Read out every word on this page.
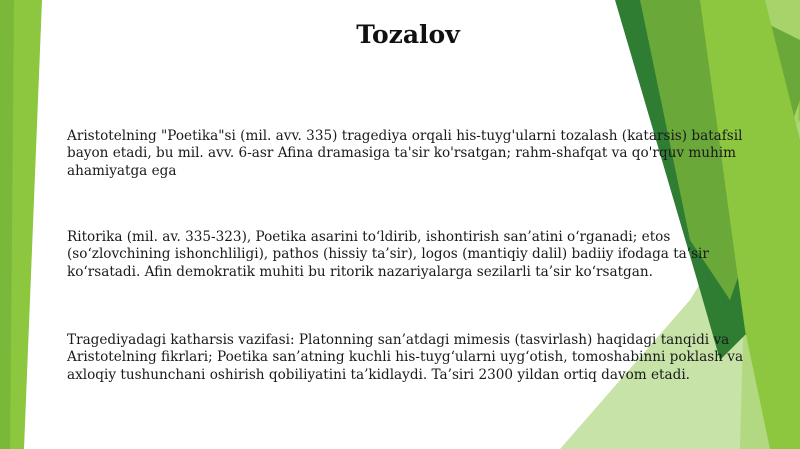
Tozalov

Aristotelning "Poetika"si (mil. avv. 335) tragediya orqali his-tuyg'ularni tozalash (katarsis) batafsil bayon etadi, bu mil. avv. 6-asr Afina dramasiga ta'sir ko'rsatgan; rahm-shafqat va qo'rquv muhim ahamiyatga ega

Ritorika (mil. av. 335-323), Poetika asarini to‘ldirib, ishontirish san’atini o‘rganadi; etos (so‘zlovchining ishonchliligi), pathos (hissiy ta’sir), logos (mantiqiy dalil) badiiy ifodaga ta’sir ko‘rsatadi. Afin demokratik muhiti bu ritorik nazariyalarga sezilarli ta’sir ko‘rsatgan.

Tragediyadagi katharsis vazifasi: Platonning san’atdagi mimesis (tasvirlash) haqidagi tanqidi va Aristotelning fikrlari; Poetika san’atning kuchli his-tuyg‘ularni uyg‘otish, tomoshabinni poklash va axloqiy tushunchani oshirish qobiliyatini ta’kidlaydi. Ta’siri 2300 yildan ortiq davom etadi.
